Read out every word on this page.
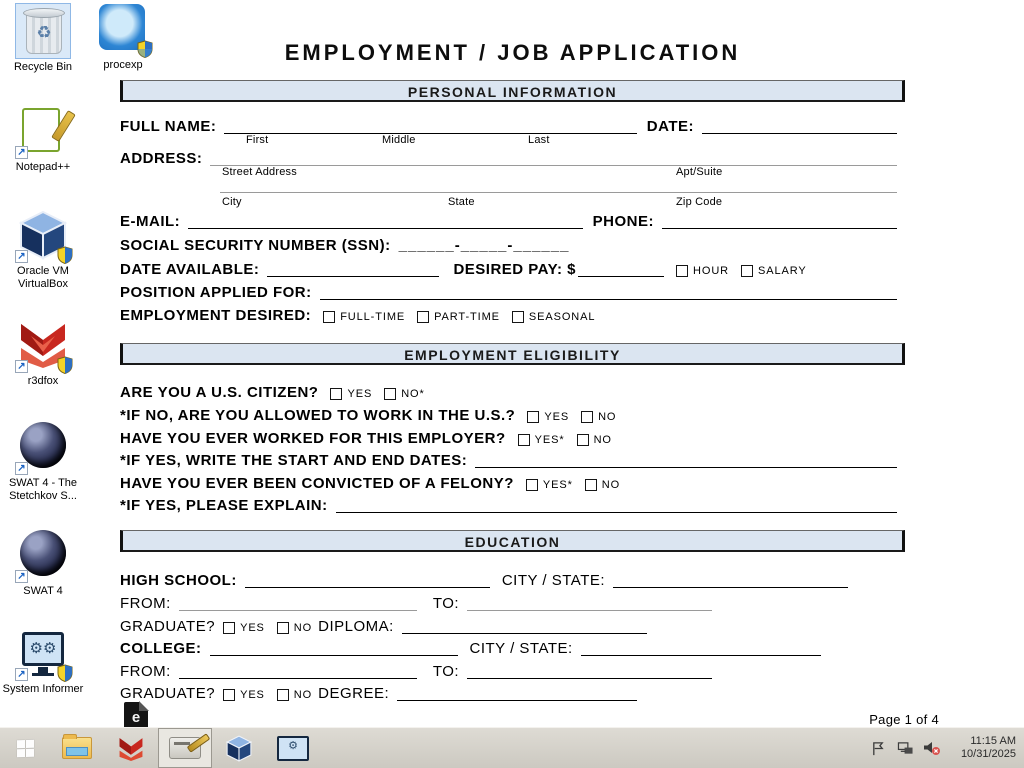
♻
Recycle Bin	procexp
↗
Notepad++
↗
Oracle VM VirtualBox
↗
r3dfox
↗
SWAT 4 - The Stetchkov S...
↗
SWAT 4
⚙⚙
↗
System Informer
e
EMPLOYMENT / JOB APPLICATION
PERSONAL INFORMATION
FULL NAME:	DATE:
First	Middle	Last
ADDRESS:
Street Address	Apt/Suite
City	State	Zip Code
E-MAIL:	PHONE:
SOCIAL SECURITY NUMBER (SSN): ______-_____-______
DATE AVAILABLE:	DESIRED PAY: $	HOUR	SALARY
POSITION APPLIED FOR:
EMPLOYMENT DESIRED:	FULL-TIME	PART-TIME	SEASONAL
EMPLOYMENT ELIGIBILITY
ARE YOU A U.S. CITIZEN?	YES	NO*
*IF NO, ARE YOU ALLOWED TO WORK IN THE U.S.?	YES	NO
HAVE YOU EVER WORKED FOR THIS EMPLOYER?	YES*	NO
*IF YES, WRITE THE START AND END DATES:
HAVE YOU EVER BEEN CONVICTED OF A FELONY?	YES*	NO
*IF YES, PLEASE EXPLAIN:
EDUCATION
HIGH SCHOOL:	CITY / STATE:
FROM:	TO:
GRADUATE? YES	NO DIPLOMA:
COLLEGE:	CITY / STATE:
FROM:	TO:
GRADUATE? YES	NO DEGREE:
Page 1 of 4
⚙	11:15 AM
10/31/2025
